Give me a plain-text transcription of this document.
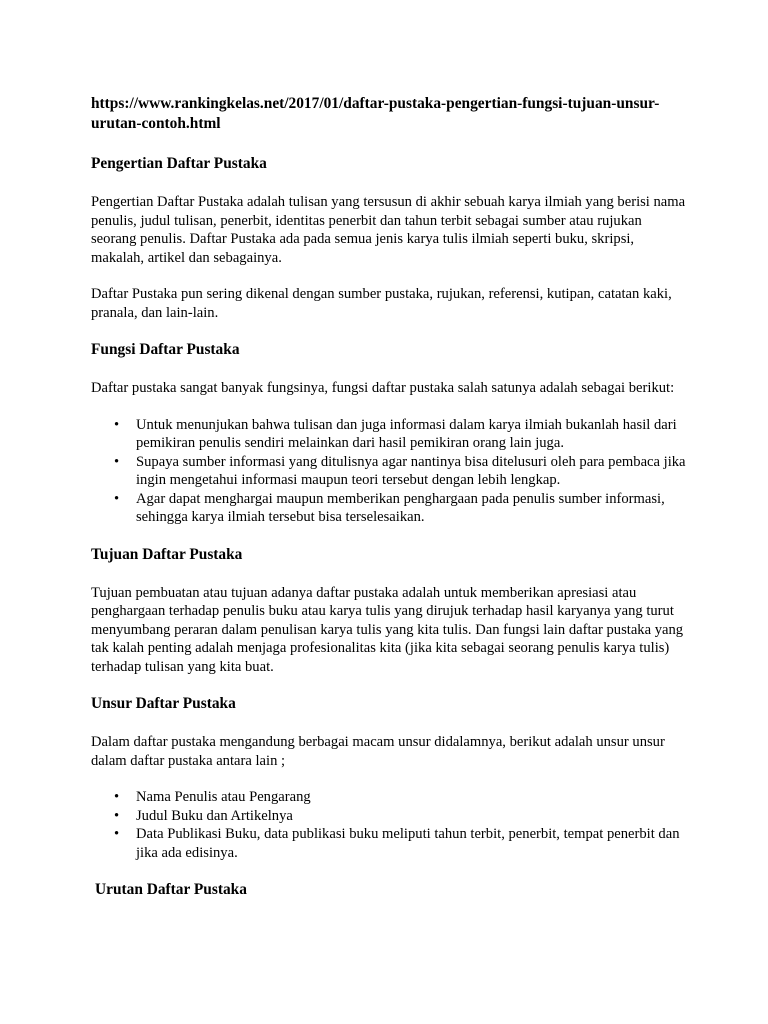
https://www.rankingkelas.net/2017/01/daftar-pustaka-pengertian-fungsi-tujuan-unsur-urutan-contoh.html
Pengertian Daftar Pustaka

Pengertian Daftar Pustaka adalah tulisan yang tersusun di akhir sebuah karya ilmiah yang berisi nama penulis, judul tulisan, penerbit, identitas penerbit dan tahun terbit sebagai sumber atau rujukan seorang penulis. Daftar Pustaka ada pada semua jenis karya tulis ilmiah seperti buku, skripsi, makalah, artikel dan sebagainya.

Daftar Pustaka pun sering dikenal dengan sumber pustaka, rujukan, referensi, kutipan, catatan kaki, pranala, dan lain-lain.

Fungsi Daftar Pustaka

Daftar pustaka sangat banyak fungsinya, fungsi daftar pustaka salah satunya adalah sebagai berikut:

• Untuk menunjukan bahwa tulisan dan juga informasi dalam karya ilmiah bukanlah hasil dari pemikiran penulis sendiri melainkan dari hasil pemikiran orang lain juga.
• Supaya sumber informasi yang ditulisnya agar nantinya bisa ditelusuri oleh para pembaca jika ingin mengetahui informasi maupun teori tersebut dengan lebih lengkap.
• Agar dapat menghargai maupun memberikan penghargaan pada penulis sumber informasi, sehingga karya ilmiah tersebut bisa terselesaikan.
Tujuan Daftar Pustaka

Tujuan pembuatan atau tujuan adanya daftar pustaka adalah untuk memberikan apresiasi atau penghargaan terhadap penulis buku atau karya tulis yang dirujuk terhadap hasil karyanya yang turut menyumbang peraran dalam penulisan karya tulis yang kita tulis. Dan fungsi lain daftar pustaka yang tak kalah penting adalah menjaga profesionalitas kita (jika kita sebagai seorang penulis karya tulis) terhadap tulisan yang kita buat.

Unsur Daftar Pustaka

Dalam daftar pustaka mengandung berbagai macam unsur didalamnya, berikut adalah unsur unsur dalam daftar pustaka antara lain ;

• Nama Penulis atau Pengarang
• Judul Buku dan Artikelnya
• Data Publikasi Buku, data publikasi buku meliputi tahun terbit, penerbit, tempat penerbit dan jika ada edisinya.
Urutan Daftar Pustaka
